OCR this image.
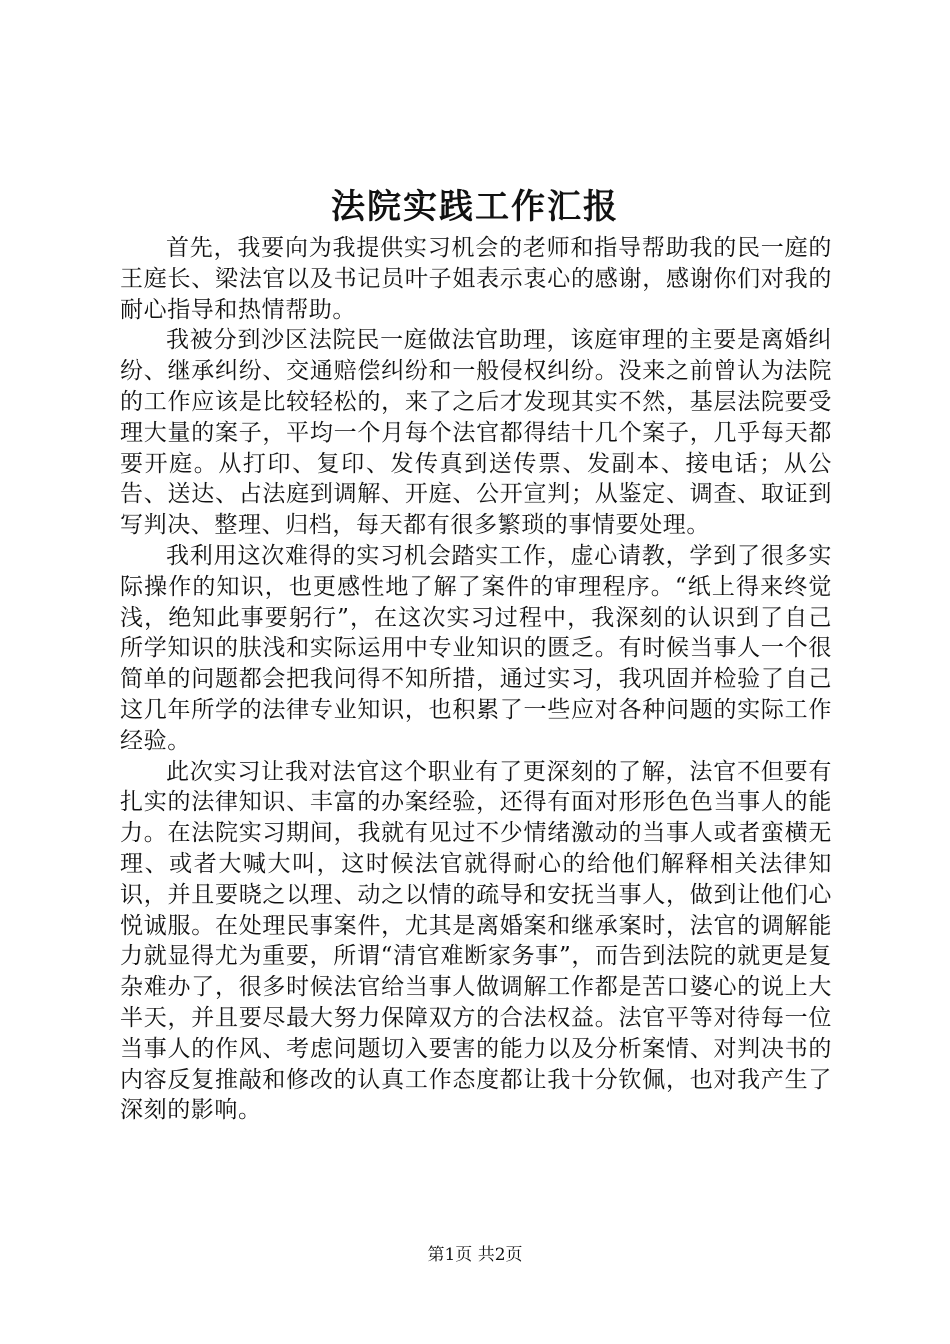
法院实践工作汇报

首先，我要向为我提供实习机会的老师和指导帮助我的民一庭的王庭长、梁法官以及书记员叶子姐表示衷心的感谢，感谢你们对我的耐心指导和热情帮助。

我被分到沙区法院民一庭做法官助理，该庭审理的主要是离婚纠纷、继承纠纷、交通赔偿纠纷和一般侵权纠纷。没来之前曾认为法院的工作应该是比较轻松的，来了之后才发现其实不然，基层法院要受理大量的案子，平均一个月每个法官都得结十几个案子，几乎每天都要开庭。从打印、复印、发传真到送传票、发副本、接电话；从公告、送达、占法庭到调解、开庭、公开宣判；从鉴定、调查、取证到写判决、整理、归档，每天都有很多繁琐的事情要处理。

我利用这次难得的实习机会踏实工作，虚心请教，学到了很多实际操作的知识，也更感性地了解了案件的审理程序。“纸上得来终觉浅，绝知此事要躬行”，在这次实习过程中，我深刻的认识到了自己所学知识的肤浅和实际运用中专业知识的匮乏。有时候当事人一个很简单的问题都会把我问得不知所措，通过实习，我巩固并检验了自己这几年所学的法律专业知识，也积累了一些应对各种问题的实际工作经验。

此次实习让我对法官这个职业有了更深刻的了解，法官不但要有扎实的法律知识、丰富的办案经验，还得有面对形形色色当事人的能力。在法院实习期间，我就有见过不少情绪激动的当事人或者蛮横无理、或者大喊大叫，这时候法官就得耐心的给他们解释相关法律知识，并且要晓之以理、动之以情的疏导和安抚当事人，做到让他们心悦诚服。在处理民事案件，尤其是离婚案和继承案时，法官的调解能力就显得尤为重要，所谓“清官难断家务事”，而告到法院的就更是复杂难办了，很多时候法官给当事人做调解工作都是苦口婆心的说上大半天，并且要尽最大努力保障双方的合法权益。法官平等对待每一位当事人的作风、考虑问题切入要害的能力以及分析案情、对判决书的内容反复推敲和修改的认真工作态度都让我十分钦佩，也对我产生了深刻的影响。

第1页 共2页
